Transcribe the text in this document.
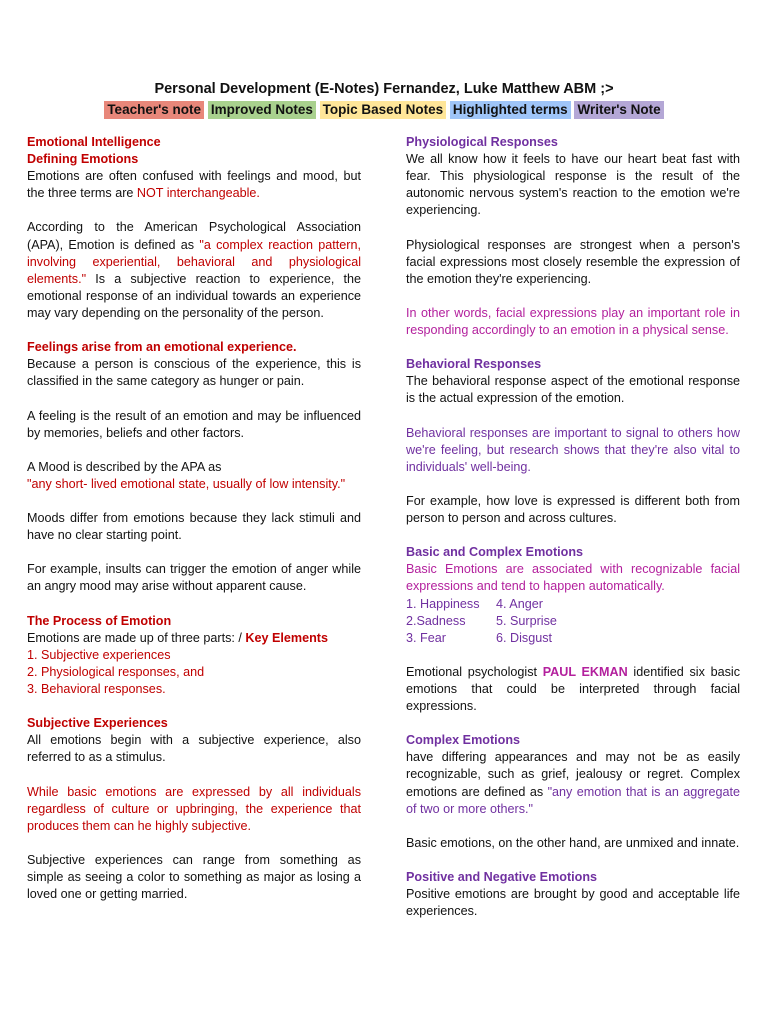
Personal Development (E-Notes) Fernandez, Luke Matthew ABM ;>
Teacher's note Improved Notes Topic Based Notes Highlighted terms Writer's Note

Emotional Intelligence

Defining Emotions

Emotions are often confused with feelings and mood, but the three terms are NOT interchangeable.

According to the American Psychological Association (APA), Emotion is defined as "a complex reaction pattern, involving experiential, behavioral and physiological elements." Is a subjective reaction to experience, the emotional response of an individual towards an experience may vary depending on the personality of the person.

Feelings arise from an emotional experience.

Because a person is conscious of the experience, this is classified in the same category as hunger or pain.

A feeling is the result of an emotion and may be influenced by memories, beliefs and other factors.

A Mood is described by the APA as
"any short- lived emotional state, usually of low intensity."

Moods differ from emotions because they lack stimuli and have no clear starting point.

For example, insults can trigger the emotion of anger while an angry mood may arise without apparent cause.

The Process of Emotion

Emotions are made up of three parts: / Key Elements

1. Subjective experiences

2. Physiological responses, and

3. Behavioral responses.

Subjective Experiences

All emotions begin with a subjective experience, also referred to as a stimulus.

While basic emotions are expressed by all individuals regardless of culture or upbringing, the experience that produces them can he highly subjective.

Subjective experiences can range from something as simple as seeing a color to something as major as losing a loved one or getting married.

Physiological Responses

We all know how it feels to have our heart beat fast with fear. This physiological response is the result of the autonomic nervous system's reaction to the emotion we're experiencing.

Physiological responses are strongest when a person's facial expressions most closely resemble the expression of the emotion they're experiencing.

In other words, facial expressions play an important role in responding accordingly to an emotion in a physical sense.

Behavioral Responses

The behavioral response aspect of the emotional response is the actual expression of the emotion.

Behavioral responses are important to signal to others how we're feeling, but research shows that they're also vital to individuals' well-being.

For example, how love is expressed is different both from person to person and across cultures.

Basic and Complex Emotions

Basic Emotions are associated with recognizable facial expressions and tend to happen automatically.

1. Happiness	4. Anger
2.Sadness	5. Surprise
3. Fear	6. Disgust

Emotional psychologist PAUL EKMAN identified six basic emotions that could be interpreted through facial expressions.

Complex Emotions

have differing appearances and may not be as easily recognizable, such as grief, jealousy or regret. Complex emotions are defined as "any emotion that is an aggregate of two or more others."

Basic emotions, on the other hand, are unmixed and innate.

Positive and Negative Emotions

Positive emotions are brought by good and acceptable life experiences.
